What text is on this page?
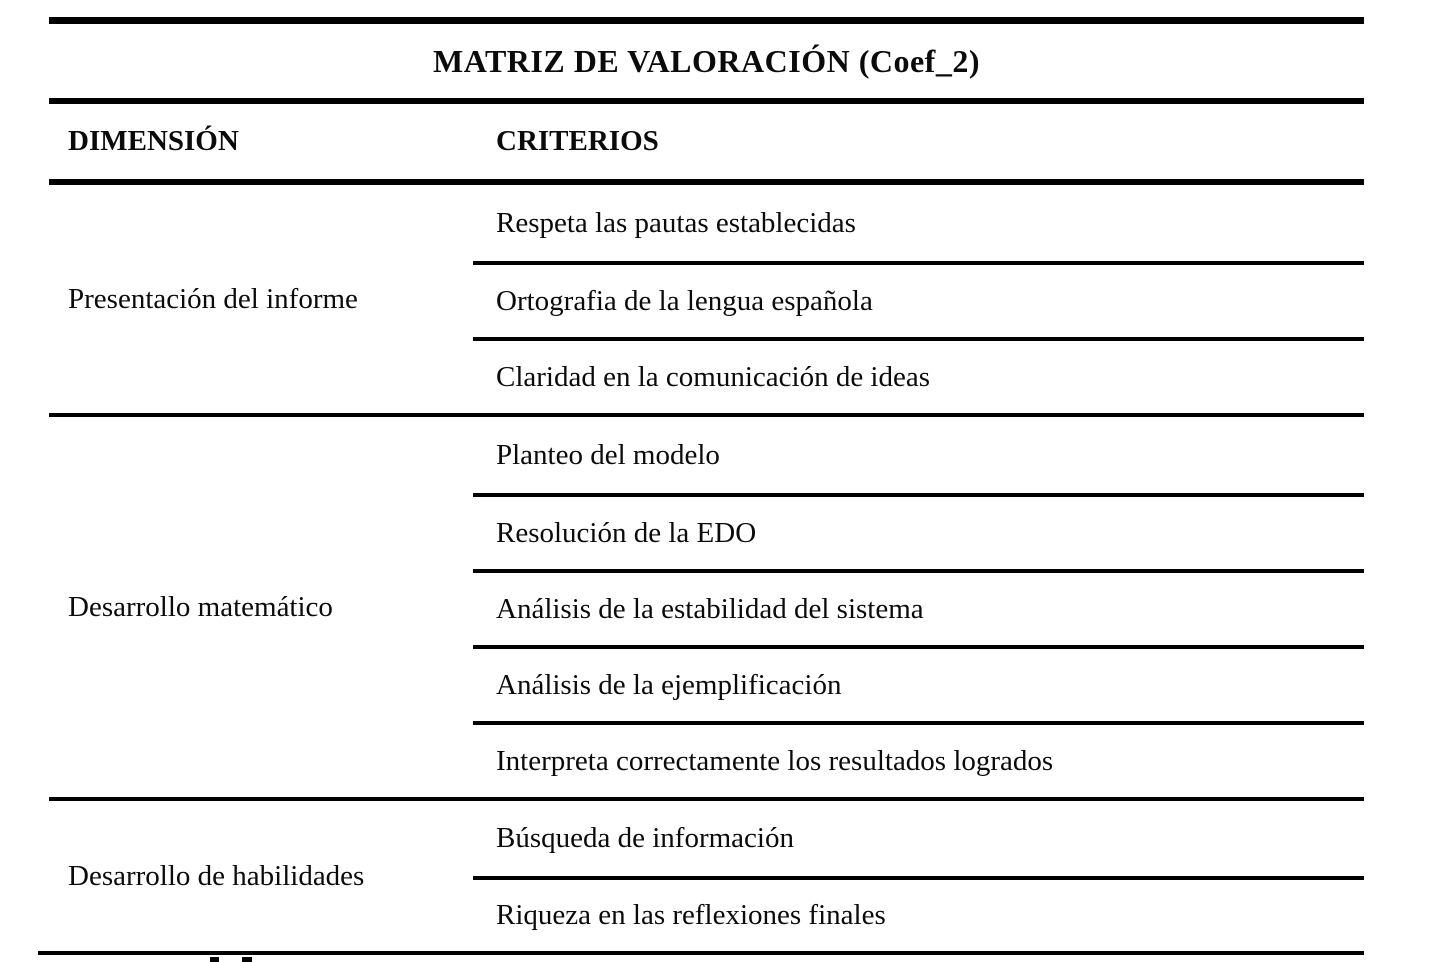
MATRIZ DE VALORACIÓN (Coef_2)
DIMENSIÓN	CRITERIOS
Presentación del informe
Respeta las pautas establecidas
Ortografia de la lengua española
Claridad en la comunicación de ideas
Desarrollo matemático
Planteo del modelo
Resolución de la EDO
Análisis de la estabilidad del sistema
Análisis de la ejemplificación
Interpreta correctamente los resultados logrados
Desarrollo de habilidades
Búsqueda de información
Riqueza en las reflexiones finales
